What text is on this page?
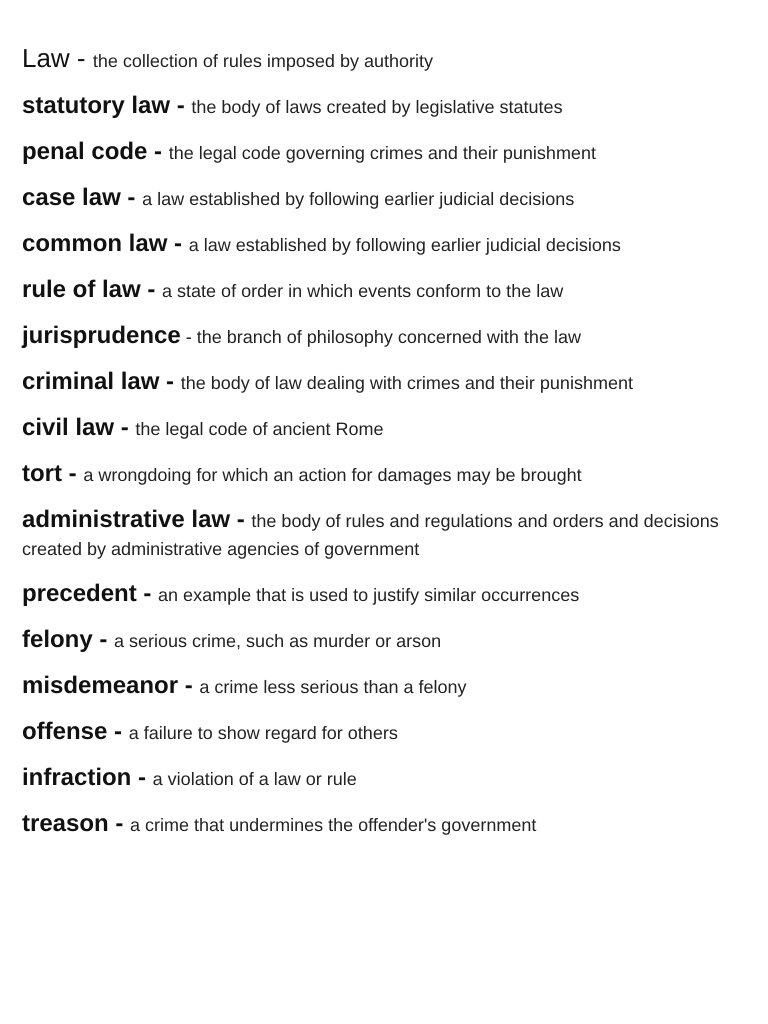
Law - the collection of rules imposed by authority

statutory law - the body of laws created by legislative statutes

penal code - the legal code governing crimes and their punishment

case law - a law established by following earlier judicial decisions

common law - a law established by following earlier judicial decisions

rule of law - a state of order in which events conform to the law

jurisprudence - the branch of philosophy concerned with the law

criminal law - the body of law dealing with crimes and their punishment

civil law - the legal code of ancient Rome

tort - a wrongdoing for which an action for damages may be brought

administrative law - the body of rules and regulations and orders and decisions created by administrative agencies of government

precedent - an example that is used to justify similar occurrences

felony - a serious crime, such as murder or arson

misdemeanor - a crime less serious than a felony

offense - a failure to show regard for others

infraction - a violation of a law or rule

treason - a crime that undermines the offender's government
